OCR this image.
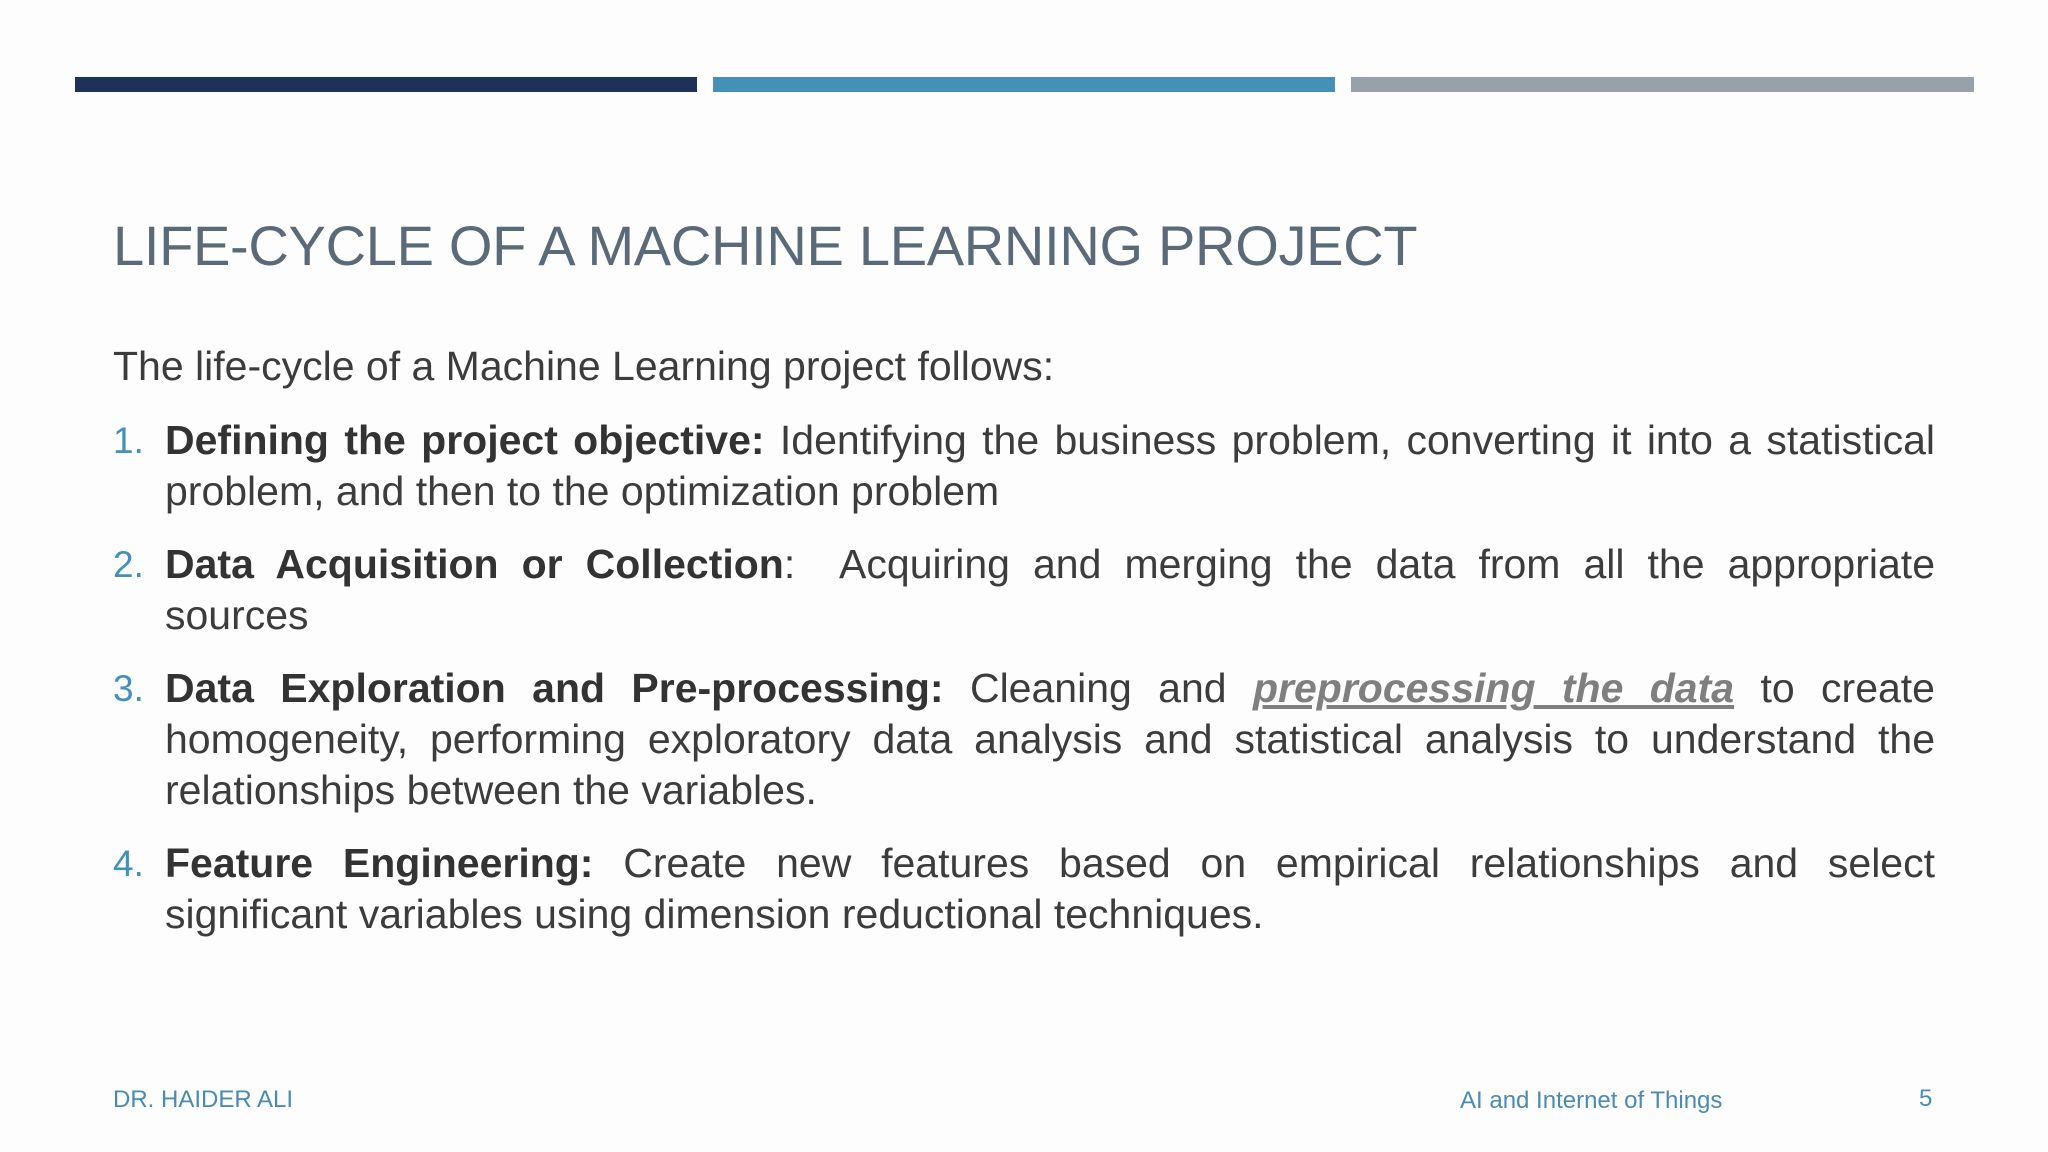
LIFE-CYCLE OF A MACHINE LEARNING PROJECT
The life-cycle of a Machine Learning project follows:
1. Defining the project objective: Identifying the business problem, converting it into a statistical problem, and then to the optimization problem
2. Data Acquisition or Collection:  Acquiring and merging the data from all the appropriate sources
3. Data Exploration and Pre-processing: Cleaning and preprocessing the data to create homogeneity, performing exploratory data analysis and statistical analysis to understand the relationships between the variables.
4. Feature Engineering: Create new features based on empirical relationships and select significant variables using dimension reductional techniques.
DR. HAIDER ALI	AI and Internet of Things	5
